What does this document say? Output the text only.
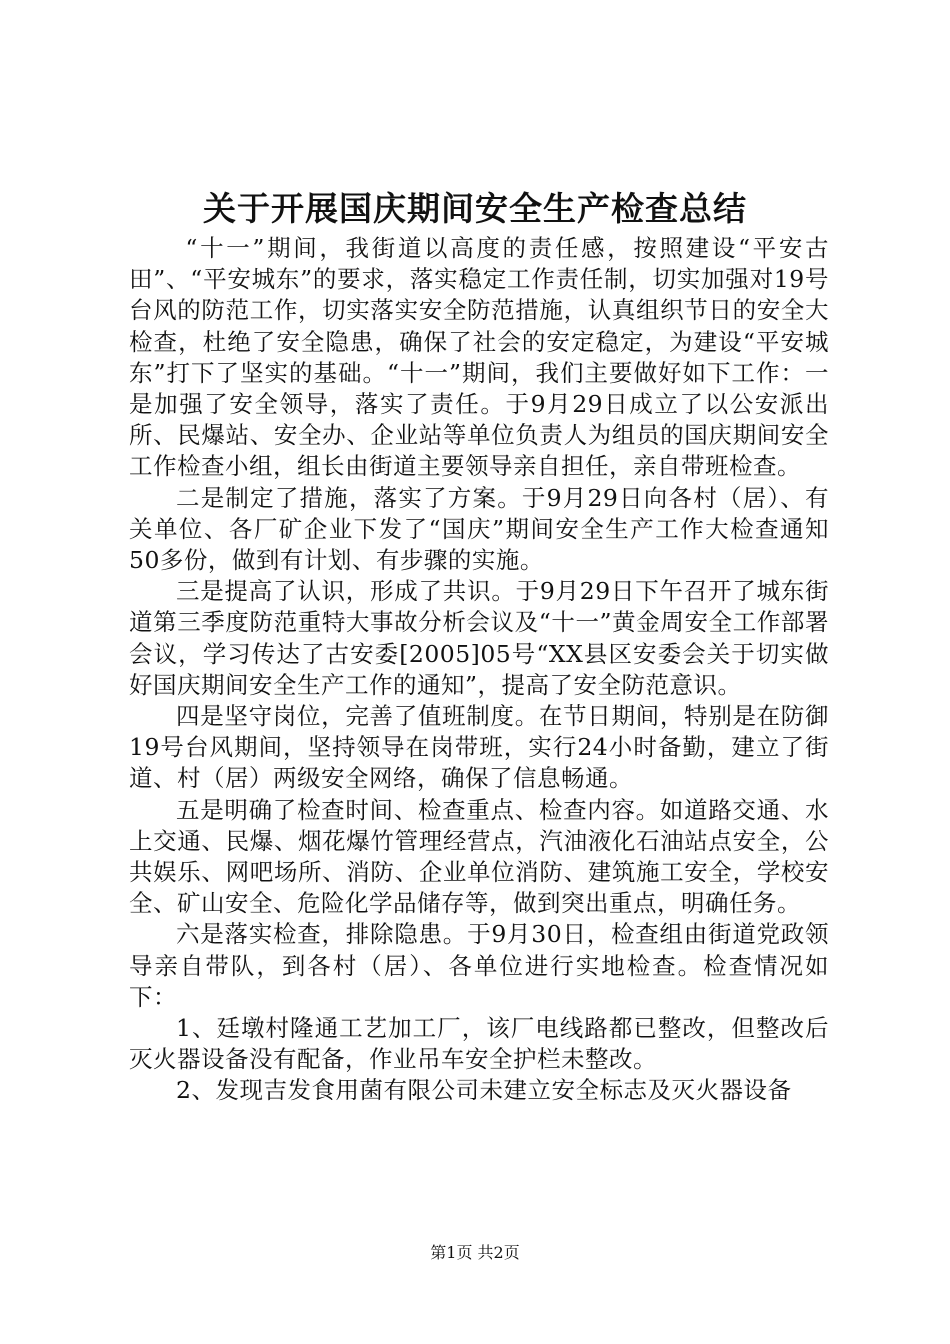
关于开展国庆期间安全生产检查总结

“十一”期间，我街道以高度的责任感，按照建设“平安古田”、“平安城东”的要求，落实稳定工作责任制，切实加强对19号台风的防范工作，切实落实安全防范措施，认真组织节日的安全大检查，杜绝了安全隐患，确保了社会的安定稳定，为建设“平安城东”打下了坚实的基础。“十一”期间，我们主要做好如下工作：一是加强了安全领导，落实了责任。于9月29日成立了以公安派出所、民爆站、安全办、企业站等单位负责人为组员的国庆期间安全工作检查小组，组长由街道主要领导亲自担任，亲自带班检查。

二是制定了措施，落实了方案。于9月29日向各村（居）、有关单位、各厂矿企业下发了“国庆”期间安全生产工作大检查通知50多份，做到有计划、有步骤的实施。

三是提高了认识，形成了共识。于9月29日下午召开了城东街道第三季度防范重特大事故分析会议及“十一”黄金周安全工作部署会议，学习传达了古安委[2005]05号“XX县区安委会关于切实做好国庆期间安全生产工作的通知”，提高了安全防范意识。

四是坚守岗位，完善了值班制度。在节日期间，特别是在防御19号台风期间，坚持领导在岗带班，实行24小时备勤，建立了街道、村（居）两级安全网络，确保了信息畅通。

五是明确了检查时间、检查重点、检查内容。如道路交通、水上交通、民爆、烟花爆竹管理经营点，汽油液化石油站点安全，公共娱乐、网吧场所、消防、企业单位消防、建筑施工安全，学校安全、矿山安全、危险化学品储存等，做到突出重点，明确任务。

六是落实检查，排除隐患。于9月30日，检查组由街道党政领导亲自带队，到各村（居）、各单位进行实地检查。检查情况如下：

1、廷墩村隆通工艺加工厂，该厂电线路都已整改，但整改后灭火器设备没有配备，作业吊车安全护栏未整改。

2、发现吉发食用菌有限公司未建立安全标志及灭火器设备

第1页 共2页
